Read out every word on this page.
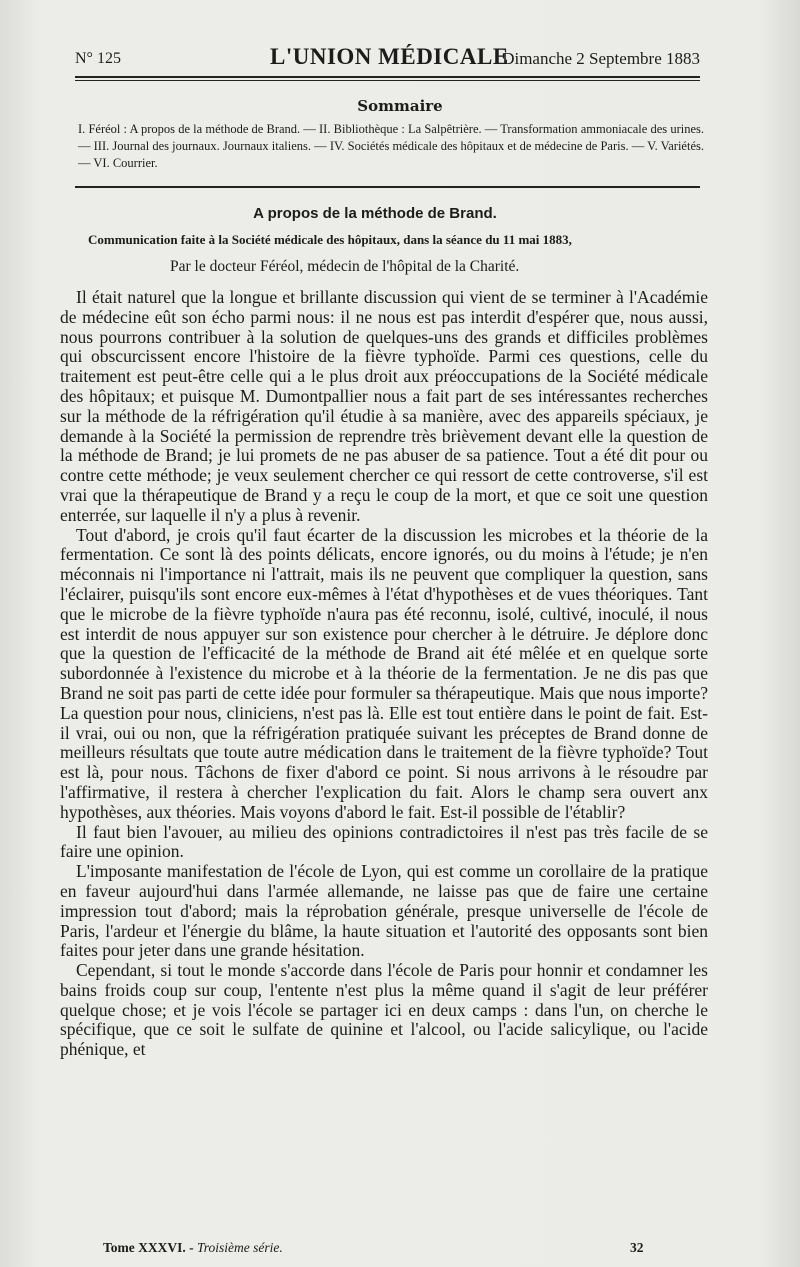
N° 125	L'UNION MÉDICALE
Dimanche 2 Septembre 1883
Sommaire
I. Féréol : A propos de la méthode de Brand. — II. Bibliothèque : La Salpêtrière. — Transformation ammoniacale des urines. — III. Journal des journaux. Journaux italiens. — IV. Sociétés médicale des hôpitaux et de médecine de Paris. — V. Variétés. — VI. Courrier.
A propos de la méthode de Brand.
Communication faite à la Société médicale des hôpitaux, dans la séance du 11 mai 1883,
Par le docteur Féréol, médecin de l'hôpital de la Charité.

Il était naturel que la longue et brillante discussion qui vient de se terminer à l'Académie de médecine eût son écho parmi nous: il ne nous est pas interdit d'espérer que, nous aussi, nous pourrons contribuer à la solution de quelques-uns des grands et difficiles problèmes qui obscurcissent encore l'histoire de la fièvre typhoïde. Parmi ces questions, celle du traitement est peut-être celle qui a le plus droit aux préoccupations de la Société médicale des hôpitaux; et puisque M. Dumontpallier nous a fait part de ses intéressantes recherches sur la méthode de la réfrigération qu'il étudie à sa manière, avec des appareils spéciaux, je demande à la Société la permission de reprendre très brièvement devant elle la question de la méthode de Brand; je lui promets de ne pas abuser de sa patience. Tout a été dit pour ou contre cette méthode; je veux seulement chercher ce qui ressort de cette controverse, s'il est vrai que la thérapeutique de Brand y a reçu le coup de la mort, et que ce soit une question enterrée, sur laquelle il n'y a plus à revenir.

Tout d'abord, je crois qu'il faut écarter de la discussion les microbes et la théorie de la fermentation. Ce sont là des points délicats, encore ignorés, ou du moins à l'étude; je n'en méconnais ni l'importance ni l'attrait, mais ils ne peuvent que compliquer la question, sans l'éclairer, puisqu'ils sont encore eux-mêmes à l'état d'hypothèses et de vues théoriques. Tant que le microbe de la fièvre typhoïde n'aura pas été reconnu, isolé, cultivé, inoculé, il nous est interdit de nous appuyer sur son existence pour chercher à le détruire. Je déplore donc que la question de l'efficacité de la méthode de Brand ait été mêlée et en quelque sorte subordonnée à l'existence du microbe et à la théorie de la fermentation. Je ne dis pas que Brand ne soit pas parti de cette idée pour formuler sa thérapeutique. Mais que nous importe? La question pour nous, cliniciens, n'est pas là. Elle est tout entière dans le point de fait. Est-il vrai, oui ou non, que la réfrigération pratiquée suivant les préceptes de Brand donne de meilleurs résultats que toute autre médication dans le traitement de la fièvre typhoïde? Tout est là, pour nous. Tâchons de fixer d'abord ce point. Si nous arrivons à le résoudre par l'affirmative, il restera à chercher l'explication du fait. Alors le champ sera ouvert anx hypothèses, aux théories. Mais voyons d'abord le fait. Est-il possible de l'établir?

Il faut bien l'avouer, au milieu des opinions contradictoires il n'est pas très facile de se faire une opinion.

L'imposante manifestation de l'école de Lyon, qui est comme un corollaire de la pratique en faveur aujourd'hui dans l'armée allemande, ne laisse pas que de faire une certaine impression tout d'abord; mais la réprobation générale, presque universelle de l'école de Paris, l'ardeur et l'énergie du blâme, la haute situation et l'autorité des opposants sont bien faites pour jeter dans une grande hésitation.

Cependant, si tout le monde s'accorde dans l'école de Paris pour honnir et condamner les bains froids coup sur coup, l'entente n'est plus la même quand il s'agit de leur préférer quelque chose; et je vois l'école se partager ici en deux camps : dans l'un, on cherche le spécifique, que ce soit le sulfate de quinine et l'alcool, ou l'acide salicylique, ou l'acide phénique, et

Tome XXXVI. - Troisième série.	32
